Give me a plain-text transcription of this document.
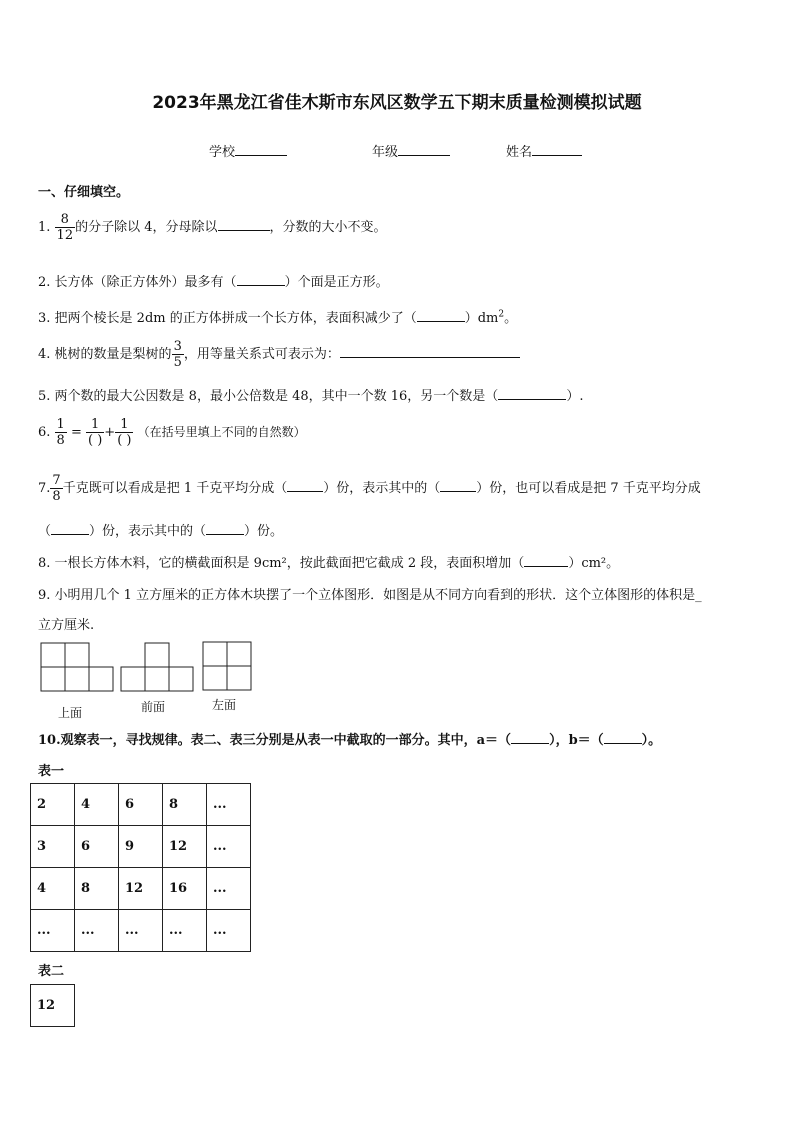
2023年黑龙江省佳木斯市东风区数学五下期末质量检测模拟试题
学校	年级	姓名
一、仔细填空。
1. $\frac{8}{12}$ 的分子除以 4，分母除以	，分数的大小不变。
2. 长方体（除正方体外）最多有（	）个面是正方形。
3. 把两个棱长是 2dm 的正方体拼成一个长方体，表面积减少了（	）$dm^2$。
4. 桃树的数量是梨树的 $\frac{3}{5}$ ，用等量关系式可表示为：
5. 两个数的最大公因数是 8，最小公倍数是 48，其中一个数 16，另一个数是（	）.
6. $\frac{1}{8} = \frac{1}{( )} + \frac{1}{( )}$ （在括号里填上不同的自然数）
7. $\frac{7}{8}$ 千克既可以看成是把 1 千克平均分成（	）份，表示其中的（	）份，也可以看成是把 7 千克平均分成
（	）份，表示其中的（	）份。
8. 一根长方体木料，它的横截面积是 9cm²，按此截面把它截成 2 段，表面积增加（	）cm²。
9. 小明用几个 1 立方厘米的正方体木块摆了一个立体图形．如图是从不同方向看到的形状．这个立体图形的体积是_
立方厘米.
上面	前面	左面
10.观察表一，寻找规律。表二、表三分别是从表一中截取的一部分。其中，a＝（	），b＝（	）。
表一
2	4	6	8	...
3	6	9	12	...
4	8	12	16	...
...	...	...	...	...
表二
12
